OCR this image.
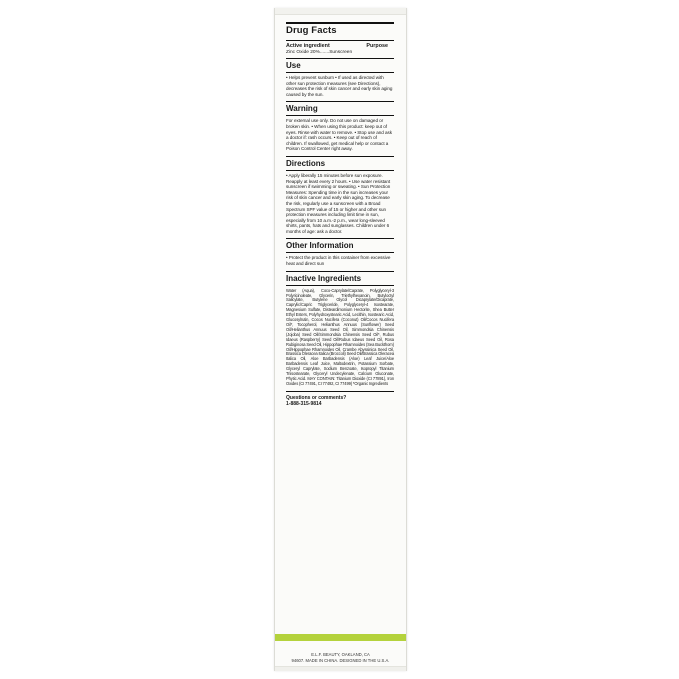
Drug Facts
Active ingredient	Purpose
Zinc Oxide 20%.......Sunscreen
Use
• Helps prevent sunburn • If used as directed with other sun protection measures (see Directions), decreases the risk of skin cancer and early skin aging caused by the sun.
Warning
For external use only. Do not use on damaged or broken skin. • When using this product: keep out of eyes. Rinse with water to remove. • Stop use and ask a doctor if: rash occurs. • Keep out of reach of children. If swallowed, get medical help or contact a Poison Control Center right away.
Directions
• Apply liberally 15 minutes before sun exposure. Reapply at least every 2 hours. • Use water resistant sunscreen if swimming or sweating. • Sun Protection Measures: Spending time in the sun increases your risk of skin cancer and early skin aging. To decrease the risk, regularly use a sunscreen with a Broad Spectrum SPF value of 15 or higher and other sun protection measures including limit time in sun, especially from 10 a.m.-2 p.m., wear long-sleeved shirts, pants, hats and sunglasses. Children under 6 months of age: ask a doctor.
Other Information
• Protect the product in this container from excessive heat and direct sun
Inactive Ingredients
Water (Aqua), Coco-Caprylate/Caprate, Polyglyceryl-3 Polyricinoleate, Glycerin, Triethylhexanoin, Butyloctyl Salicylate, Butylene Glycol Dicaprylate/Dicaprate, Caprylic/Capric Triglyceride, Polyglyceryl-4 Isostearate, Magnesium Sulfate, Disteardimonium Hectorite, Shea Butter Ethyl Esters, Polyhydroxystearic Acid, Lecithin, Isostearic Acid, Glucosylrutin, Cocos Nucifera (Coconut) Oil/Cocos Nucifera Oil*, Tocopherol, Helianthus Annuus (Sunflower) Seed Oil/Helianthus Annuus Seed Oil, Simmondsia Chinensis (Jojoba) Seed Oil/Simmondsia Chinensis Seed Oil*, Rubus Idaeus (Raspberry) Seed Oil/Rubus Idaeus Seed Oil, Rosa Rubiginosa Seed Oil, Hippophae Rhamnoides (Sea Buckthorn) Oil/Hippophae Rhamnoides Oil, Crambe Abyssinica Seed Oil, Brassica Oleracea Italica (Broccoli) Seed Oil/Brassica Oleracea Italica Oil, Aloe Barbadensis (Aloe) Leaf Juice/Aloe Barbadensis Leaf Juice, Maltodextrin, Potassium Sorbate, Glyceryl Caprylate, Sodium Benzoate, Isopropyl Titanium Triisostearate, Glyceryl Undecylenate, Calcium Gluconate, Phytic Acid. MAY CONTAIN: Titanium Dioxide (CI 77891), Iron Oxides (CI 77491, CI 77492, CI 77499) *Organic Ingredients
Questions or comments?
1-888-315-9814
E.L.F. BEAUTY, OAKLAND, CA
94607. MADE IN CHINA. DESIGNED IN THE U.S.A.
